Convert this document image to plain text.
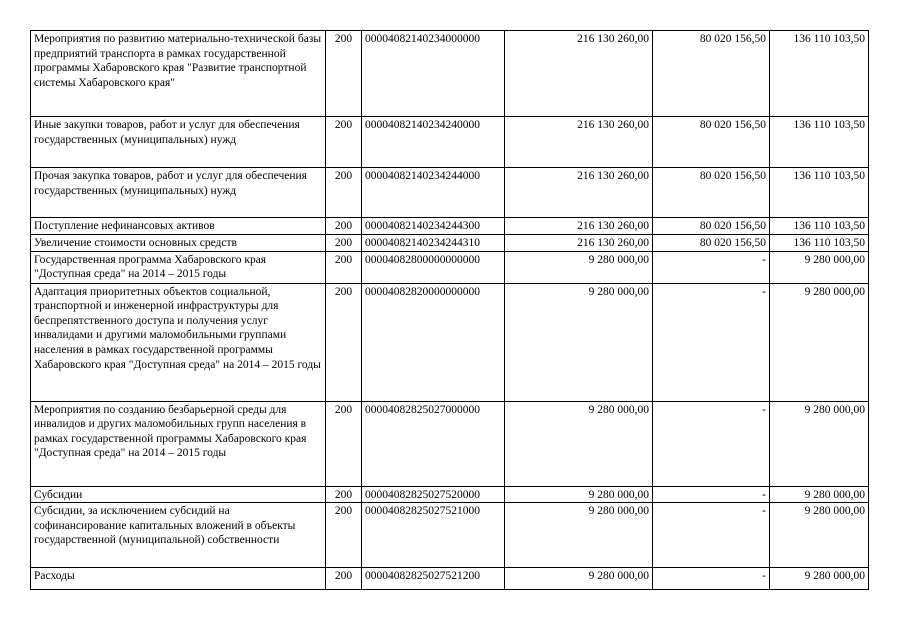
Мероприятия по развитию материально-технической базы предприятий транспорта в рамках государственной программы Хабаровского края "Развитие транспортной системы Хабаровского края"	200	00004082140234000000	216 130 260,00	80 020 156,50	136 110 103,50
Иные закупки товаров, работ и услуг для обеспечения государственных (муниципальных) нужд	200	00004082140234240000	216 130 260,00	80 020 156,50	136 110 103,50
Прочая закупка товаров, работ и услуг для обеспечения государственных (муниципальных) нужд	200	00004082140234244000	216 130 260,00	80 020 156,50	136 110 103,50
Поступление нефинансовых активов	200	00004082140234244300	216 130 260,00	80 020 156,50	136 110 103,50
Увеличение стоимости основных средств	200	00004082140234244310	216 130 260,00	80 020 156,50	136 110 103,50
Государственная программа Хабаровского края "Доступная среда" на 2014 – 2015 годы	200	00004082800000000000	9 280 000,00	-	9 280 000,00
Адаптация приоритетных объектов социальной, транспортной и инженерной инфраструктуры для беспрепятственного доступа и получения услуг инвалидами и другими маломобильными группами населения в рамках государственной программы Хабаровского края "Доступная среда" на 2014 – 2015 годы	200	00004082820000000000	9 280 000,00	-	9 280 000,00
Мероприятия по созданию безбарьерной среды для инвалидов и других маломобильных групп населения в рамках государственной программы Хабаровского края "Доступная среда" на 2014 – 2015 годы	200	00004082825027000000	9 280 000,00	-	9 280 000,00
Субсидии	200	00004082825027520000	9 280 000,00	-	9 280 000,00
Субсидии, за исключением субсидий на софинансирование капитальных вложений в объекты государственной (муниципальной) собственности	200	00004082825027521000	9 280 000,00	-	9 280 000,00
Расходы	200	00004082825027521200	9 280 000,00	-	9 280 000,00
